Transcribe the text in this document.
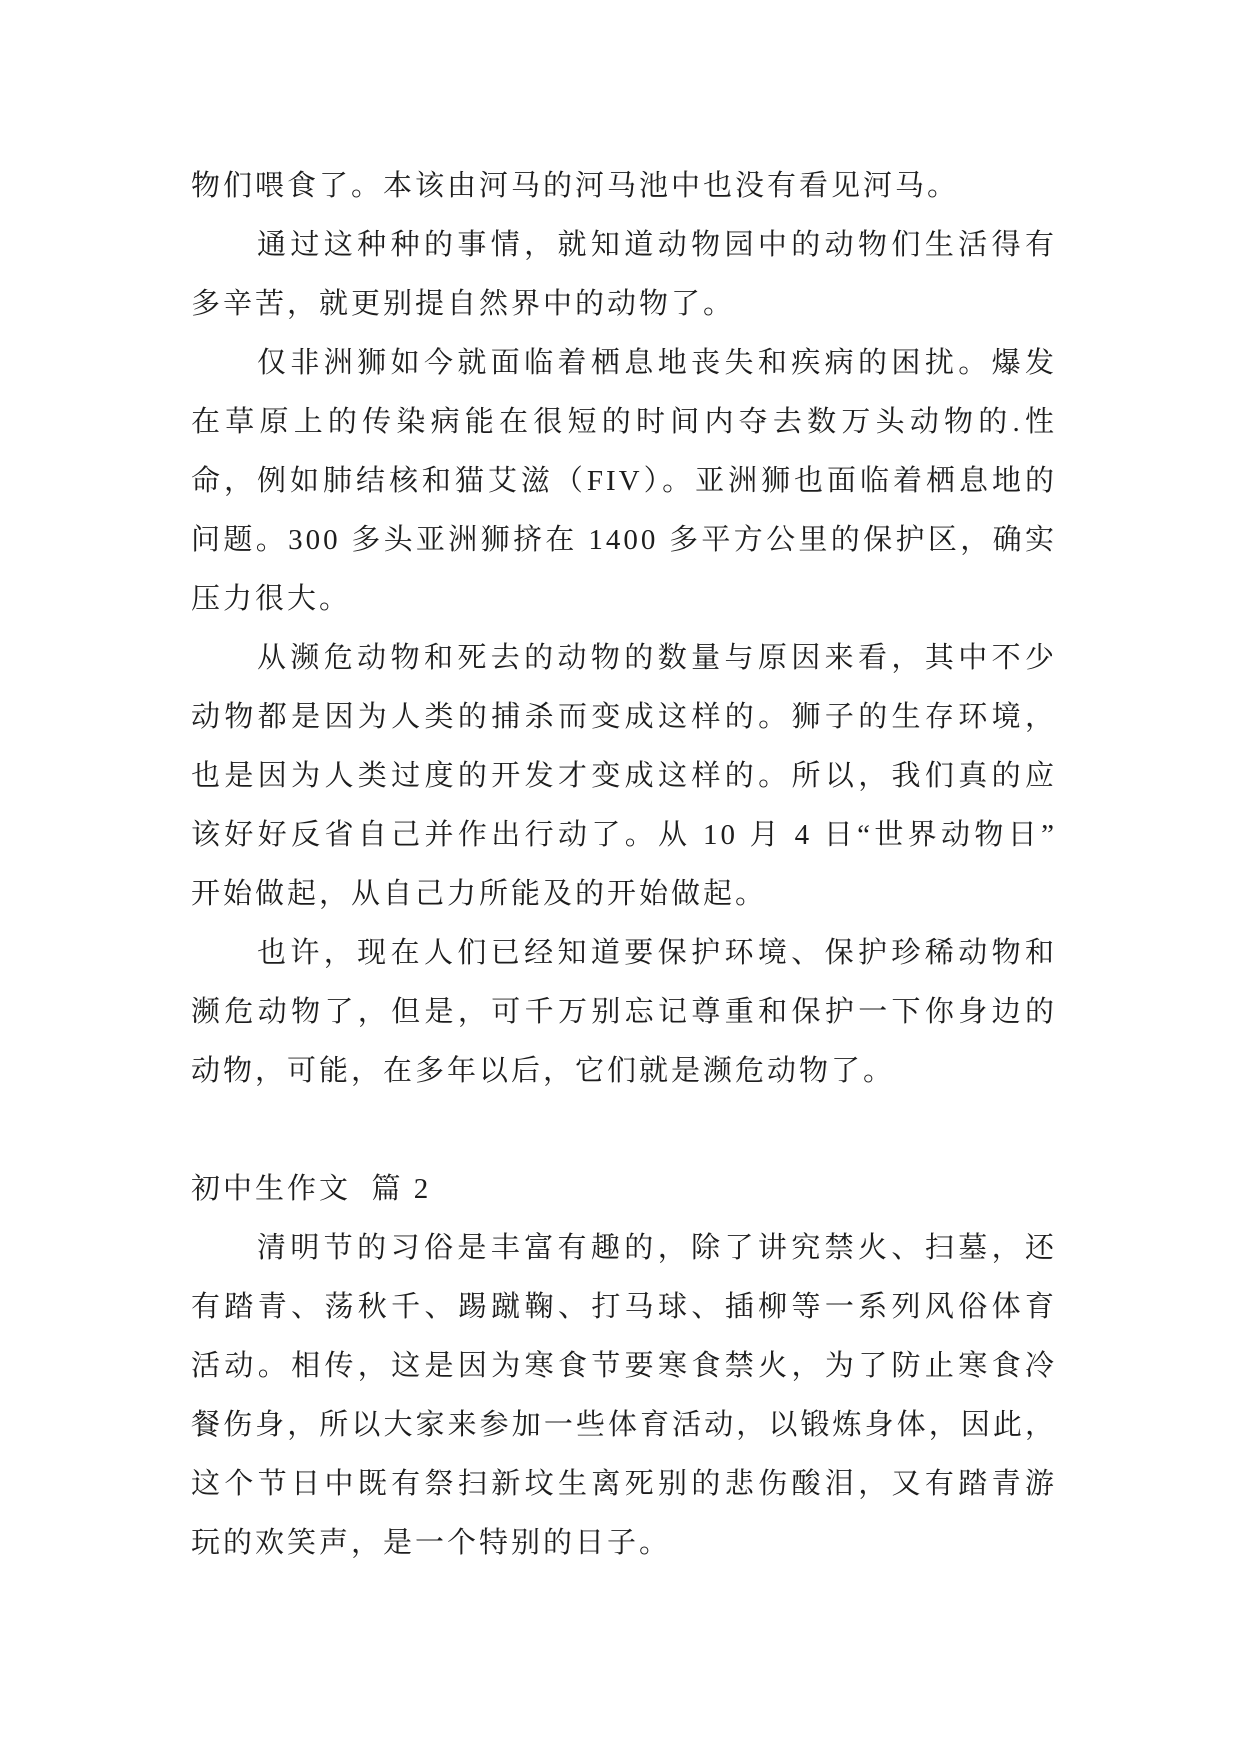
物们喂食了。本该由河马的河马池中也没有看见河马。
通过这种种的事情，就知道动物园中的动物们生活得有
多辛苦，就更别提自然界中的动物了。
仅非洲狮如今就面临着栖息地丧失和疾病的困扰。爆发
在草原上的传染病能在很短的时间内夺去数万头动物的.性
命，例如肺结核和猫艾滋（FIV）。亚洲狮也面临着栖息地的
问题。300 多头亚洲狮挤在 1400 多平方公里的保护区，确实
压力很大。
从濒危动物和死去的动物的数量与原因来看，其中不少
动物都是因为人类的捕杀而变成这样的。狮子的生存环境，
也是因为人类过度的开发才变成这样的。所以，我们真的应
该好好反省自己并作出行动了。从 10 月 4 日“世界动物日”
开始做起，从自己力所能及的开始做起。
也许，现在人们已经知道要保护环境、保护珍稀动物和
濒危动物了，但是，可千万别忘记尊重和保护一下你身边的
动物，可能，在多年以后，它们就是濒危动物了。
初中生作文  篇 2
清明节的习俗是丰富有趣的，除了讲究禁火、扫墓，还
有踏青、荡秋千、踢蹴鞠、打马球、插柳等一系列风俗体育
活动。相传，这是因为寒食节要寒食禁火，为了防止寒食冷
餐伤身，所以大家来参加一些体育活动，以锻炼身体，因此，
这个节日中既有祭扫新坟生离死别的悲伤酸泪，又有踏青游
玩的欢笑声，是一个特别的日子。
